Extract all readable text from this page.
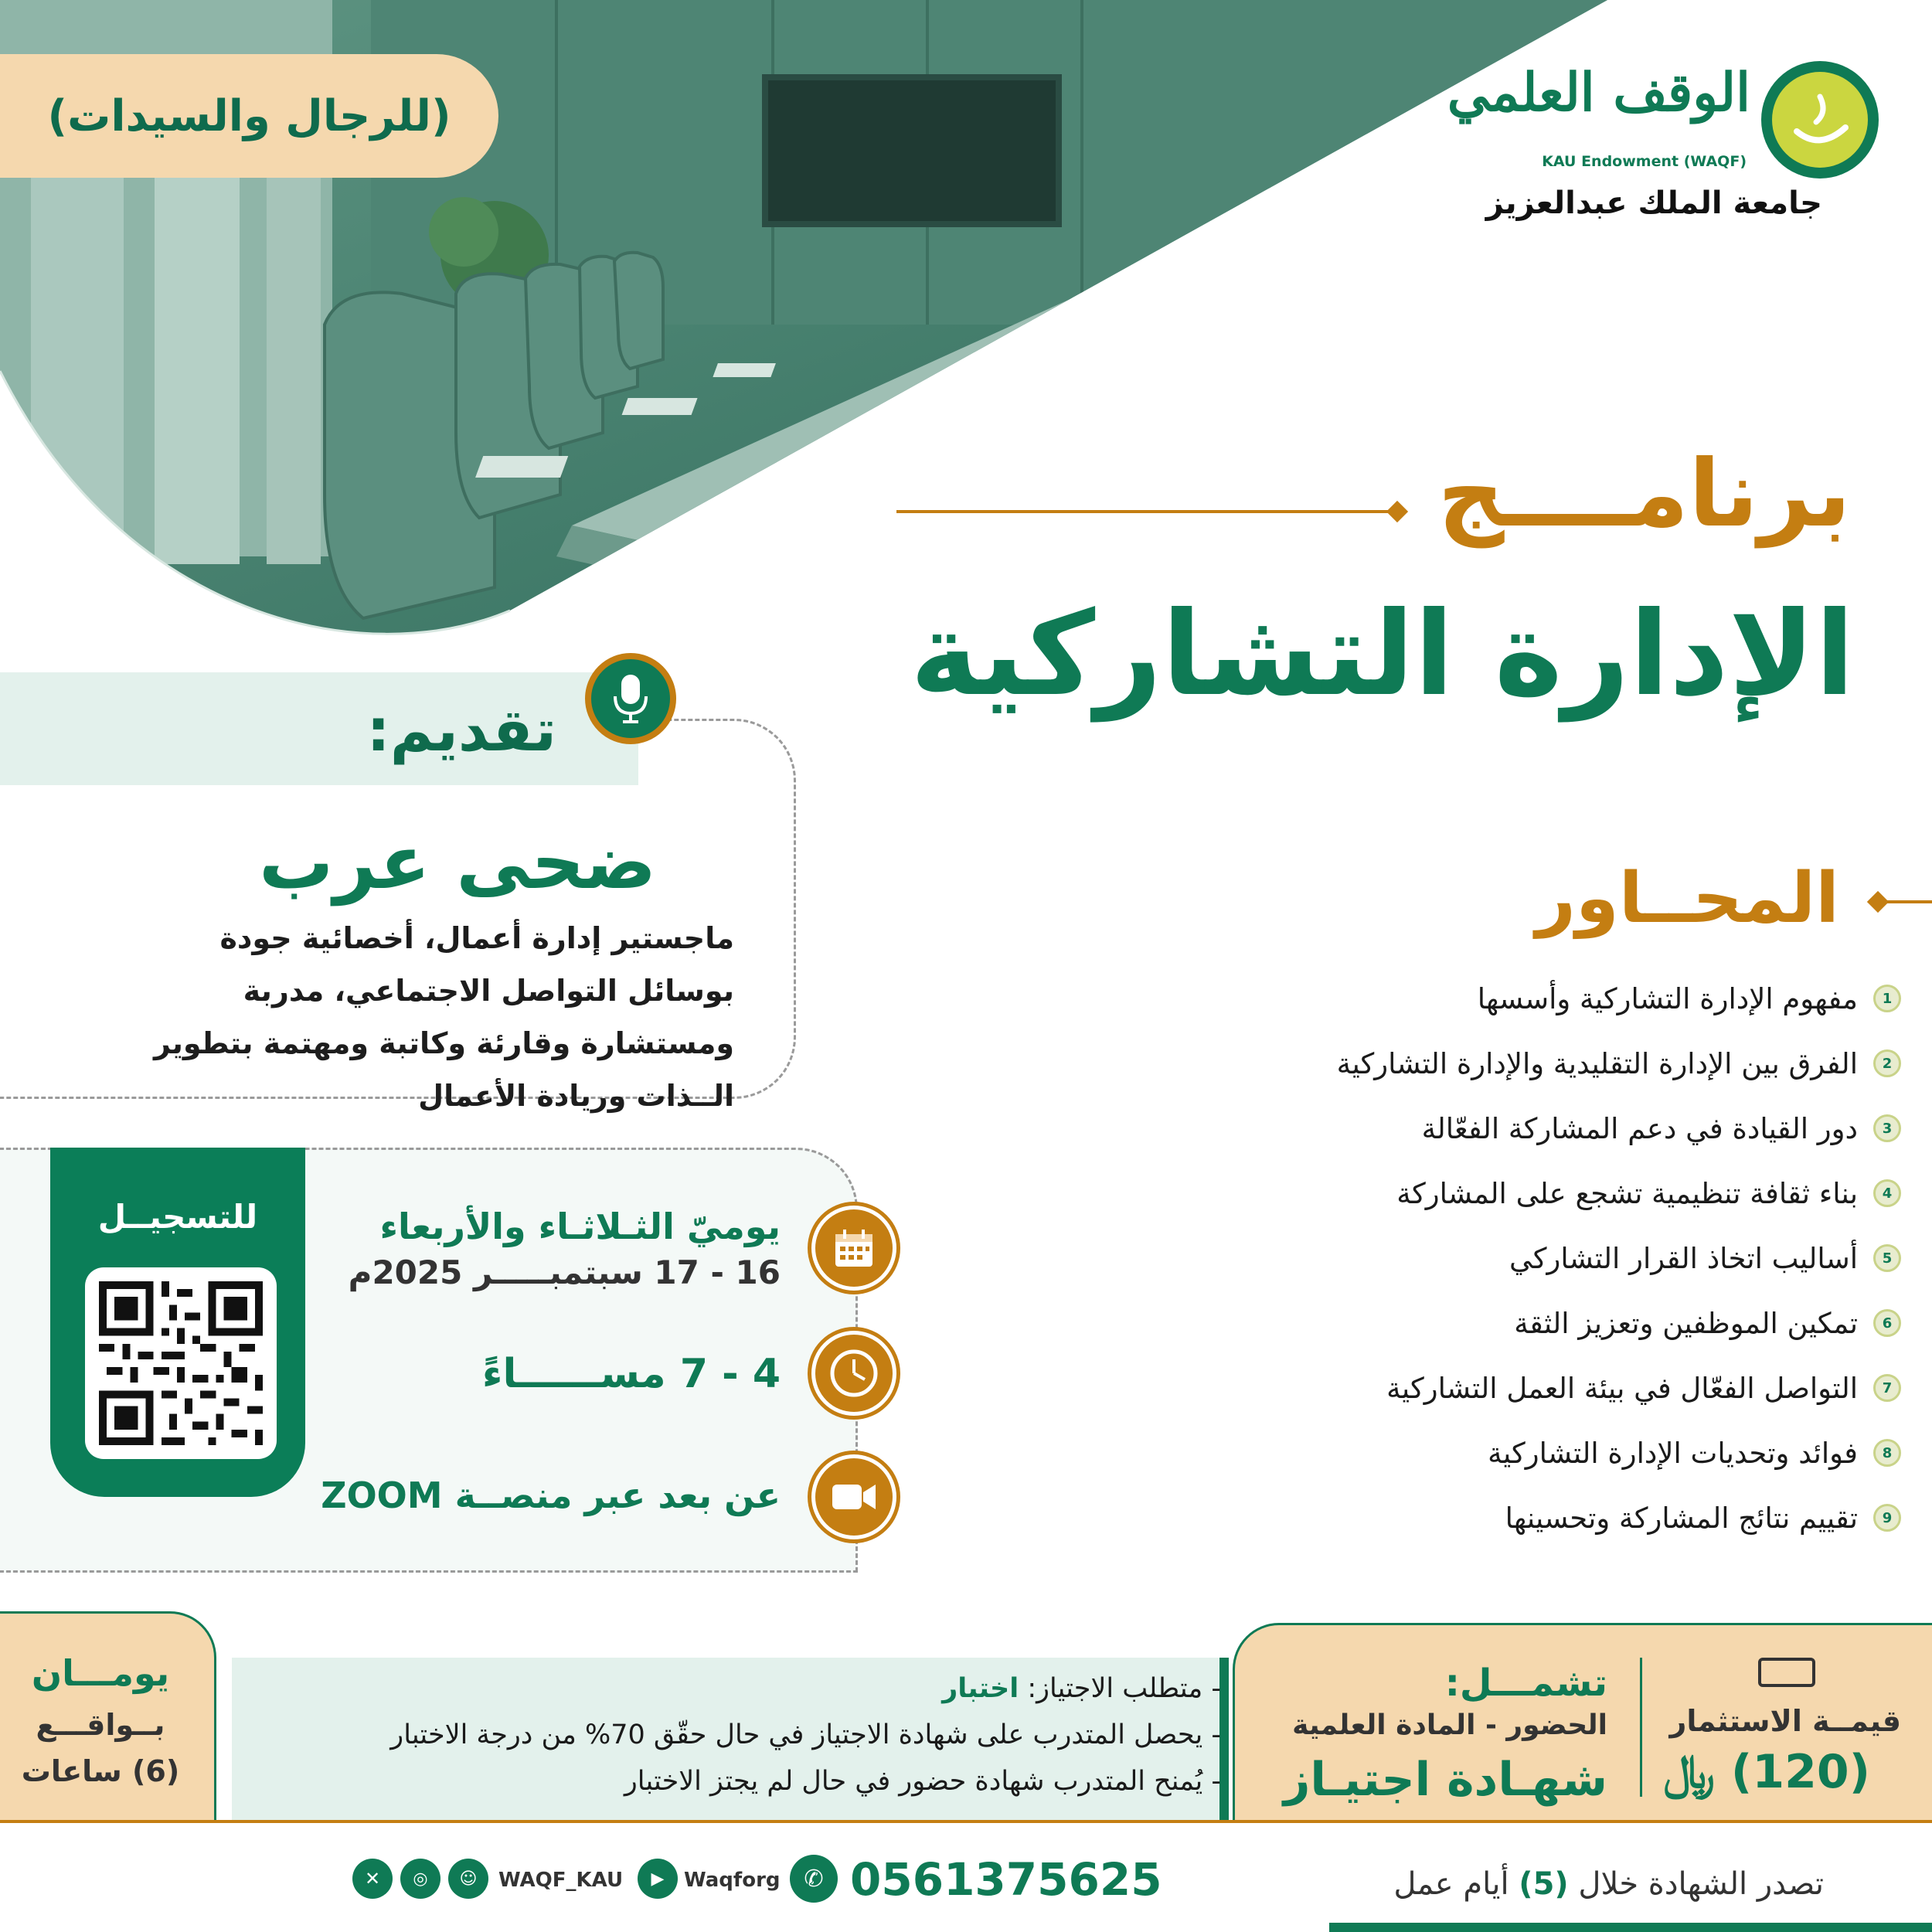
(للرجال والسيدات)	الوقف العلمي
KAU Endowment (WAQF)
جامعة الملك عبدالعزيز
برنامــــج
الإدارة التشاركية
المحــاور
1
مفهوم الإدارة التشاركية وأسسها
2
الفرق بين الإدارة التقليدية والإدارة التشاركية
3
دور القيادة في دعم المشاركة الفعّالة
4
بناء ثقافة تنظيمية تشجع على المشاركة
5
أساليب اتخاذ القرار التشاركي
6
تمكين الموظفين وتعزيز الثقة
7
التواصل الفعّال في بيئة العمل التشاركية
8
فوائد وتحديات الإدارة التشاركية
9
تقييم نتائج المشاركة وتحسينها
تقديم:
ضحى عرب
ماجستير إدارة أعمال، أخصائية جودة بوسائل التواصل الاجتماعي، مدربة ومستشارة وقارئة وكاتبة ومهتمة بتطوير الــذات وريادة الأعمال
للتسجيــل	يوميّ الثـلاثـاء والأربعاء
16 - 17 سبتمبـــــر 2025م
4 - 7 مســــــاءً
عن بعد عبر منصــة ZOOM
يومـــان
بــواقـــع
(6) ساعات
- متطلب الاجتياز: اختبار
- يحصل المتدرب على شهادة الاجتياز في حال حقّق 70% من درجة الاختبار
- يُمنح المتدرب شهادة حضور في حال لم يجتز الاختبار
تشمـــل:
الحضور - المادة العلمية
شهـادة اجتيـاز
قيمــة الاستثمار
(120) ﷼
تصدر الشهادة خلال (5) أيام عمل
0561375625
✆
Waqforg
▶
WAQF_KAU
☺
◎
✕
